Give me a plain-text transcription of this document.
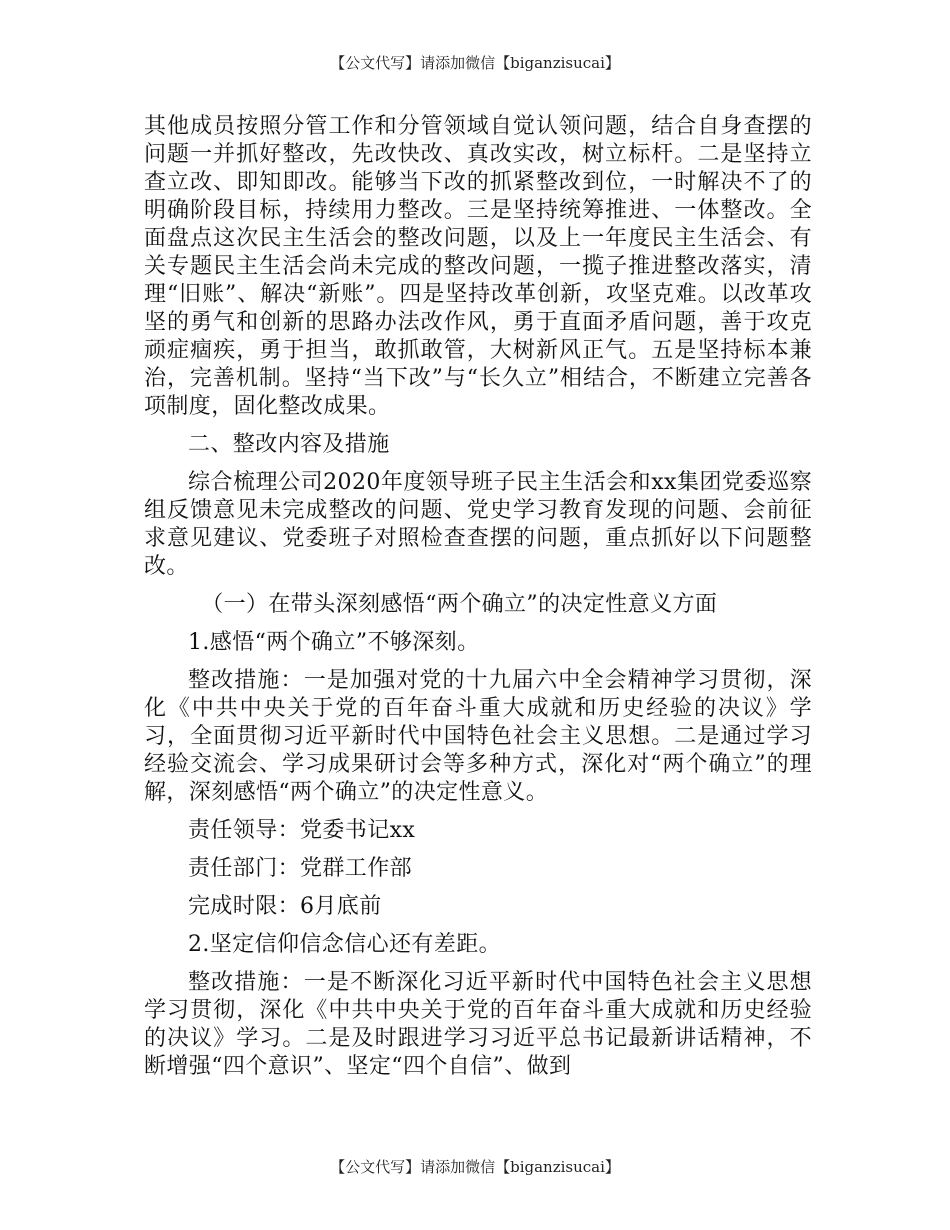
【公文代写】请添加微信【biganzisucai】

其他成员按照分管工作和分管领域自觉认领问题，结合自身查摆的问题一并抓好整改，先改快改、真改实改，树立标杆。二是坚持立查立改、即知即改。能够当下改的抓紧整改到位，一时解决不了的明确阶段目标，持续用力整改。三是坚持统筹推进、一体整改。全面盘点这次民主生活会的整改问题，以及上一年度民主生活会、有关专题民主生活会尚未完成的整改问题，一揽子推进整改落实，清理“旧账”、解决“新账”。四是坚持改革创新，攻坚克难。以改革攻坚的勇气和创新的思路办法改作风，勇于直面矛盾问题，善于攻克顽症痼疾，勇于担当，敢抓敢管，大树新风正气。五是坚持标本兼治，完善机制。坚持“当下改”与“长久立”相结合，不断建立完善各项制度，固化整改成果。

二、整改内容及措施

综合梳理公司2020年度领导班子民主生活会和xx集团党委巡察组反馈意见未完成整改的问题、党史学习教育发现的问题、会前征求意见建议、党委班子对照检查查摆的问题，重点抓好以下问题整改。

（一）在带头深刻感悟“两个确立”的决定性意义方面

1.感悟“两个确立”不够深刻。

整改措施：一是加强对党的十九届六中全会精神学习贯彻，深化《中共中央关于党的百年奋斗重大成就和历史经验的决议》学习，全面贯彻习近平新时代中国特色社会主义思想。二是通过学习经验交流会、学习成果研讨会等多种方式，深化对“两个确立”的理解，深刻感悟“两个确立”的决定性意义。

责任领导：党委书记xx

责任部门：党群工作部

完成时限：6月底前

2.坚定信仰信念信心还有差距。

整改措施：一是不断深化习近平新时代中国特色社会主义思想学习贯彻，深化《中共中央关于党的百年奋斗重大成就和历史经验的决议》学习。二是及时跟进学习习近平总书记最新讲话精神，不断增强“四个意识”、坚定“四个自信”、做到

【公文代写】请添加微信【biganzisucai】
